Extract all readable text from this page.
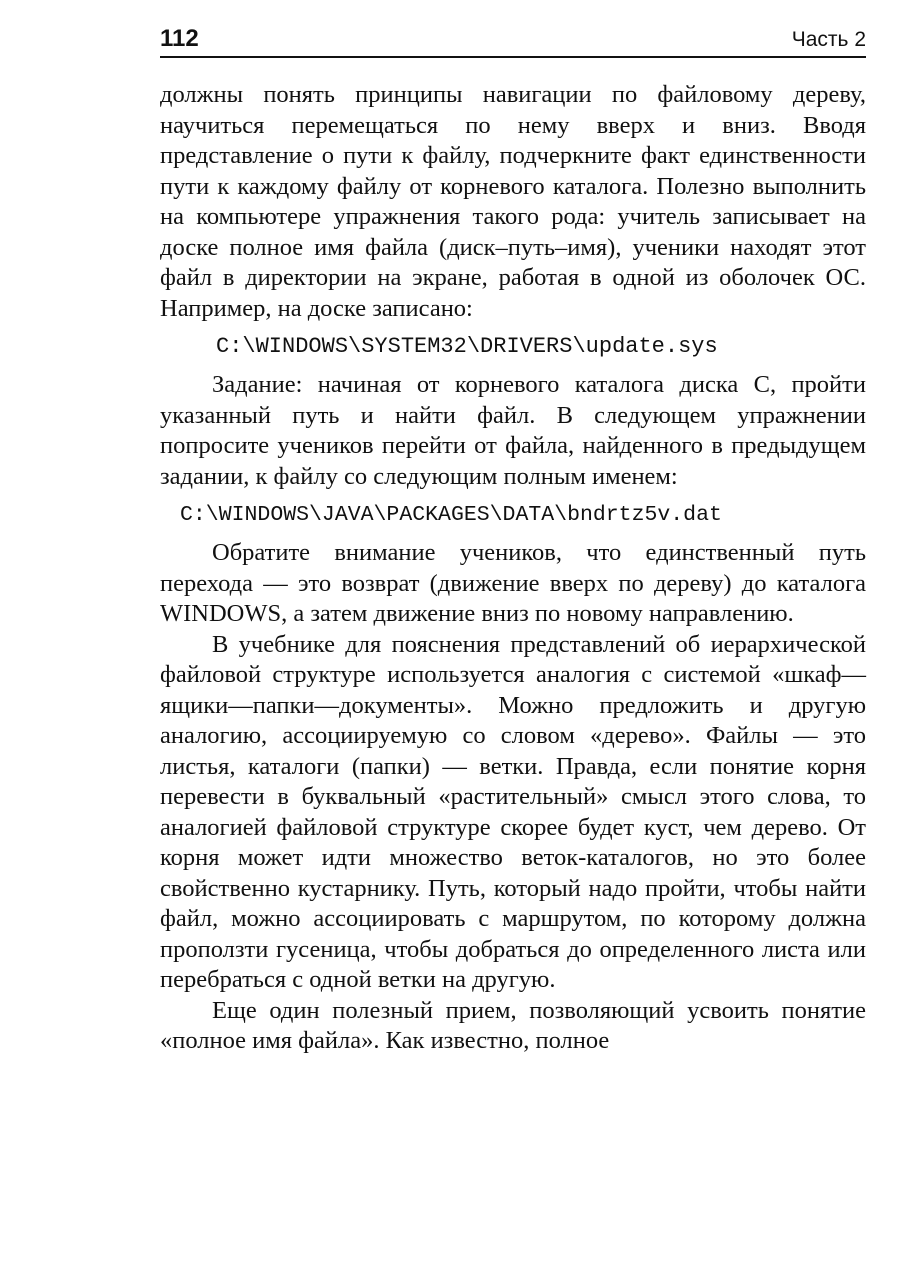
112	Часть 2

должны понять принципы навигации по файловому дереву, научиться перемещаться по нему вверх и вниз. Вводя представление о пути к файлу, подчеркните факт единственности пути к каждому файлу от корневого каталога. Полезно выполнить на компьютере упражнения такого рода: учитель записывает на доске полное имя файла (диск–путь–имя), ученики находят этот файл в директории на экране, работая в одной из оболочек ОС. Например, на доске записано:

C:\WINDOWS\SYSTEM32\DRIVERS\update.sys

Задание: начиная от корневого каталога диска С, пройти указанный путь и найти файл. В следующем упражнении попросите учеников перейти от файла, найденного в предыдущем задании, к файлу со следующим полным именем:

C:\WINDOWS\JAVA\PACKAGES\DATA\bndrtz5v.dat

Обратите внимание учеников, что единственный путь перехода — это возврат (движение вверх по дереву) до каталога WINDOWS, а затем движение вниз по новому направлению.

В учебнике для пояснения представлений об иерархической файловой структуре используется аналогия с системой «шкаф—ящики—папки—документы». Можно предложить и другую аналогию, ассоциируемую со словом «дерево». Файлы — это листья, каталоги (папки) — ветки. Правда, если понятие корня перевести в буквальный «растительный» смысл этого слова, то аналогией файловой структуре скорее будет куст, чем дерево. От корня может идти множество веток-каталогов, но это более свойственно кустарнику. Путь, который надо пройти, чтобы найти файл, можно ассоциировать с маршрутом, по которому должна проползти гусеница, чтобы добраться до определенного листа или перебраться с одной ветки на другую.

Еще один полезный прием, позволяющий усвоить понятие «полное имя файла». Как известно, полное
